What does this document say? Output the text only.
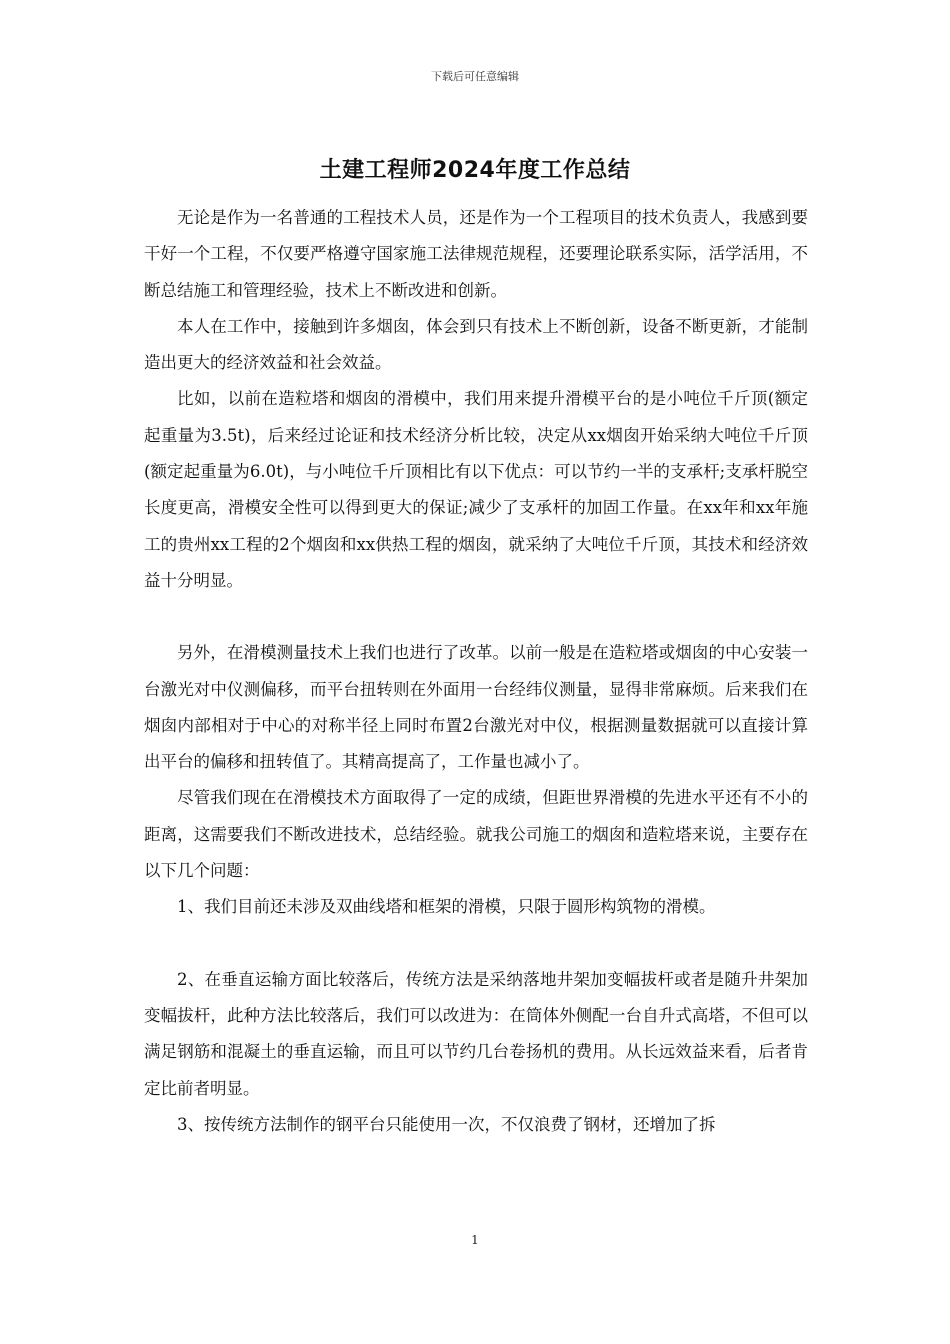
下载后可任意编辑
土建工程师2024年度工作总结

无论是作为一名普通的工程技术人员，还是作为一个工程项目的技术负责人，我感到要干好一个工程，不仅要严格遵守国家施工法律规范规程，还要理论联系实际，活学活用，不断总结施工和管理经验，技术上不断改进和创新。

本人在工作中，接触到许多烟囱，体会到只有技术上不断创新，设备不断更新，才能制造出更大的经济效益和社会效益。

比如，以前在造粒塔和烟囱的滑模中，我们用来提升滑模平台的是小吨位千斤顶(额定起重量为3.5t)，后来经过论证和技术经济分析比较，决定从xx烟囱开始采纳大吨位千斤顶(额定起重量为6.0t)，与小吨位千斤顶相比有以下优点：可以节约一半的支承杆;支承杆脱空长度更高，滑模安全性可以得到更大的保证;减少了支承杆的加固工作量。在xx年和xx年施工的贵州xx工程的2个烟囱和xx供热工程的烟囱，就采纳了大吨位千斤顶，其技术和经济效益十分明显。

另外，在滑模测量技术上我们也进行了改革。以前一般是在造粒塔或烟囱的中心安装一台激光对中仪测偏移，而平台扭转则在外面用一台经纬仪测量，显得非常麻烦。后来我们在烟囱内部相对于中心的对称半径上同时布置2台激光对中仪，根据测量数据就可以直接计算出平台的偏移和扭转值了。其精高提高了，工作量也减小了。

尽管我们现在在滑模技术方面取得了一定的成绩，但距世界滑模的先进水平还有不小的距离，这需要我们不断改进技术，总结经验。就我公司施工的烟囱和造粒塔来说，主要存在以下几个问题：

1、我们目前还未涉及双曲线塔和框架的滑模，只限于圆形构筑物的滑模。

2、在垂直运输方面比较落后，传统方法是采纳落地井架加变幅拔杆或者是随升井架加变幅拔杆，此种方法比较落后，我们可以改进为：在筒体外侧配一台自升式高塔，不但可以满足钢筋和混凝土的垂直运输，而且可以节约几台卷扬机的费用。从长远效益来看，后者肯定比前者明显。

3、按传统方法制作的钢平台只能使用一次，不仅浪费了钢材，还增加了拆

1
